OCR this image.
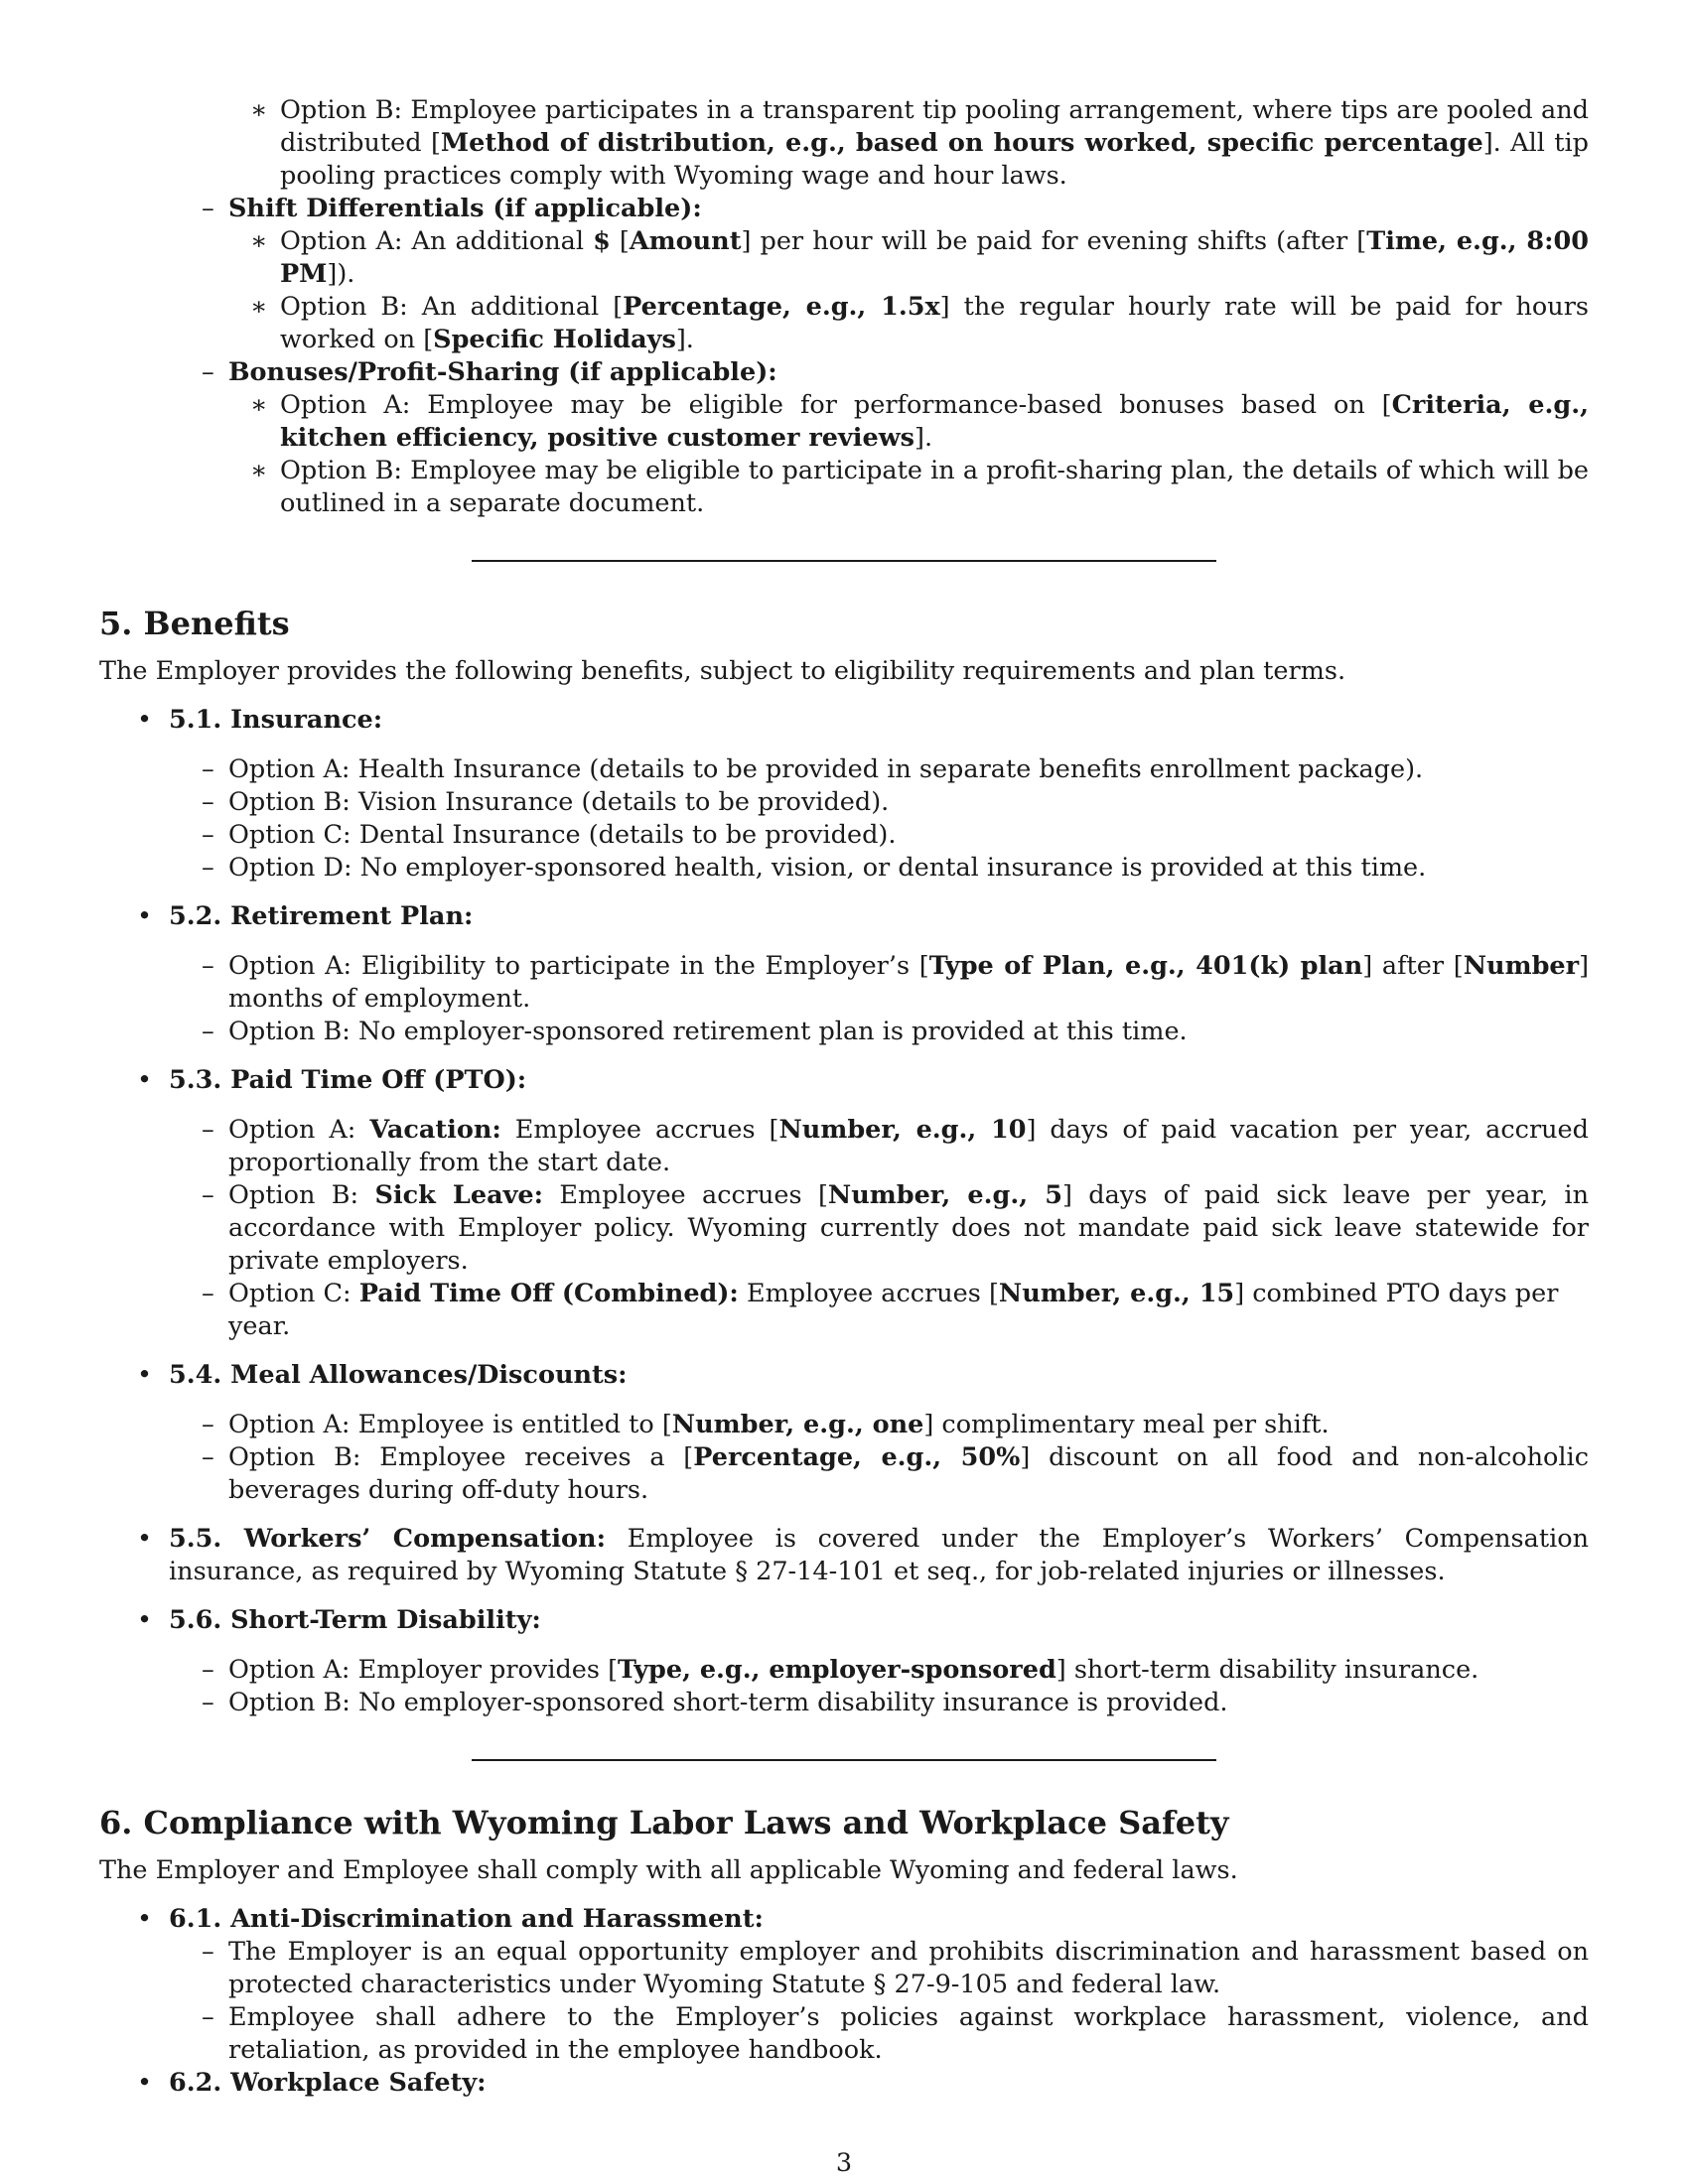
∗ Option B: Employee participates in a transparent tip pooling arrangement, where tips are pooled and distributed [Method of distribution, e.g., based on hours worked, specific percentage]. All tip pooling practices comply with Wyoming wage and hour laws.
– Shift Differentials (if applicable):
∗ Option A: An additional $ [Amount] per hour will be paid for evening shifts (after [Time, e.g., 8:00 PM]).
∗ Option B: An additional [Percentage, e.g., 1.5x] the regular hourly rate will be paid for hours worked on [Specific Holidays].
– Bonuses/Profit-Sharing (if applicable):
∗ Option A: Employee may be eligible for performance-based bonuses based on [Criteria, e.g., kitchen efficiency, positive customer reviews].
∗ Option B: Employee may be eligible to participate in a profit-sharing plan, the details of which will be outlined in a separate document.
5. Benefits
The Employer provides the following benefits, subject to eligibility requirements and plan terms.
• 5.1. Insurance:
– Option A: Health Insurance (details to be provided in separate benefits enrollment package).
– Option B: Vision Insurance (details to be provided).
– Option C: Dental Insurance (details to be provided).
– Option D: No employer-sponsored health, vision, or dental insurance is provided at this time.
• 5.2. Retirement Plan:
– Option A: Eligibility to participate in the Employer’s [Type of Plan, e.g., 401(k) plan] after [Number] months of employment.
– Option B: No employer-sponsored retirement plan is provided at this time.
• 5.3. Paid Time Off (PTO):
– Option A: Vacation: Employee accrues [Number, e.g., 10] days of paid vacation per year, accrued proportionally from the start date.
– Option B: Sick Leave: Employee accrues [Number, e.g., 5] days of paid sick leave per year, in accordance with Employer policy. Wyoming currently does not mandate paid sick leave statewide for private employers.
– Option C: Paid Time Off (Combined): Employee accrues [Number, e.g., 15] combined PTO days per year.
• 5.4. Meal Allowances/Discounts:
– Option A: Employee is entitled to [Number, e.g., one] complimentary meal per shift.
– Option B: Employee receives a [Percentage, e.g., 50%] discount on all food and non-alcoholic beverages during off-duty hours.
• 5.5. Workers’ Compensation: Employee is covered under the Employer’s Workers’ Compensation insurance, as required by Wyoming Statute § 27-14-101 et seq., for job-related injuries or illnesses.
• 5.6. Short-Term Disability:
– Option A: Employer provides [Type, e.g., employer-sponsored] short-term disability insurance.
– Option B: No employer-sponsored short-term disability insurance is provided.
6. Compliance with Wyoming Labor Laws and Workplace Safety
The Employer and Employee shall comply with all applicable Wyoming and federal laws.
• 6.1. Anti-Discrimination and Harassment:
– The Employer is an equal opportunity employer and prohibits discrimination and harassment based on protected characteristics under Wyoming Statute § 27-9-105 and federal law.
– Employee shall adhere to the Employer’s policies against workplace harassment, violence, and retaliation, as provided in the employee handbook.
• 6.2. Workplace Safety:
3
